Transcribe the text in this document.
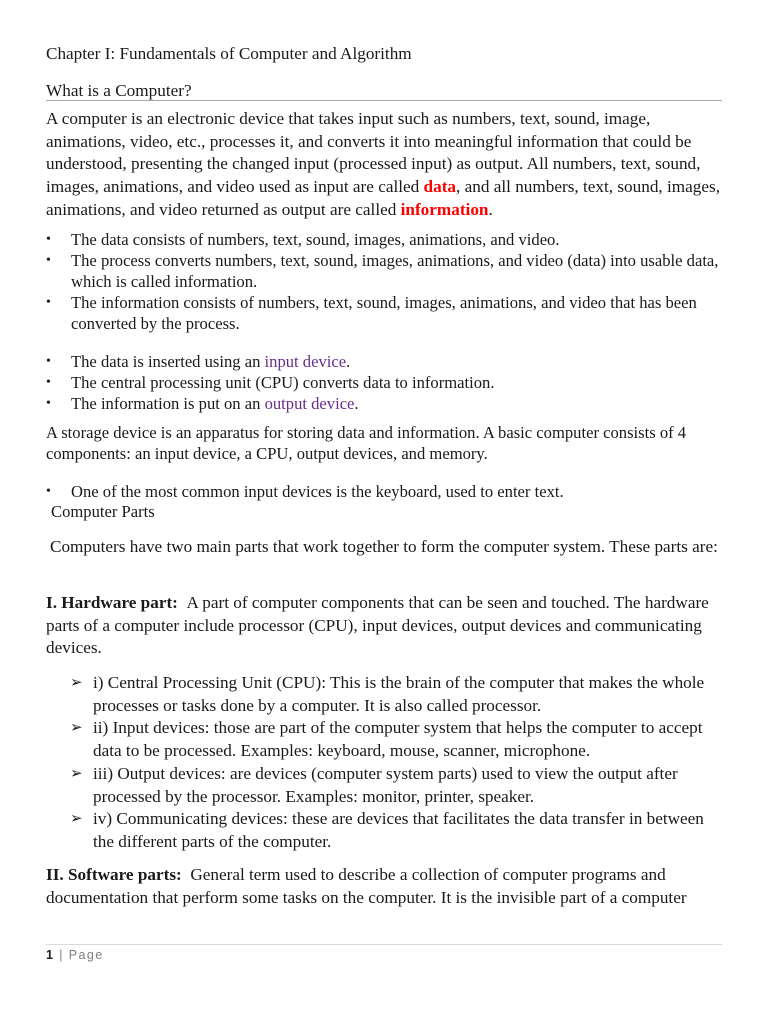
Chapter I: Fundamentals of Computer and Algorithm
What is a Computer?
A computer is an electronic device that takes input such as numbers, text, sound, image, animations, video, etc., processes it, and converts it into meaningful information that could be understood, presenting the changed input (processed input) as output. All numbers, text, sound, images, animations, and video used as input are called data, and all numbers, text, sound, images, animations, and video returned as output are called information.
• The data consists of numbers, text, sound, images, animations, and video.
• The process converts numbers, text, sound, images, animations, and video (data) into usable data, which is called information.
• The information consists of numbers, text, sound, images, animations, and video that has been converted by the process.
• The data is inserted using an input device.
• The central processing unit (CPU) converts data to information.
• The information is put on an output device.
A storage device is an apparatus for storing data and information. A basic computer consists of 4 components: an input device, a CPU, output devices, and memory.
• One of the most common input devices is the keyboard, used to enter text.
Computer Parts
Computers have two main parts that work together to form the computer system. These parts are:
I. Hardware part: A part of computer components that can be seen and touched. The hardware parts of a computer include processor (CPU), input devices, output devices and communicating devices.
➢ i) Central Processing Unit (CPU): This is the brain of the computer that makes the whole processes or tasks done by a computer. It is also called processor.
➢ ii) Input devices: those are part of the computer system that helps the computer to accept data to be processed. Examples: keyboard, mouse, scanner, microphone.
➢ iii) Output devices: are devices (computer system parts) used to view the output after processed by the processor. Examples: monitor, printer, speaker.
➢ iv) Communicating devices: these are devices that facilitates the data transfer in between the different parts of the computer.
II. Software parts: General term used to describe a collection of computer programs and documentation that perform some tasks on the computer. It is the invisible part of a computer
1 | Page
